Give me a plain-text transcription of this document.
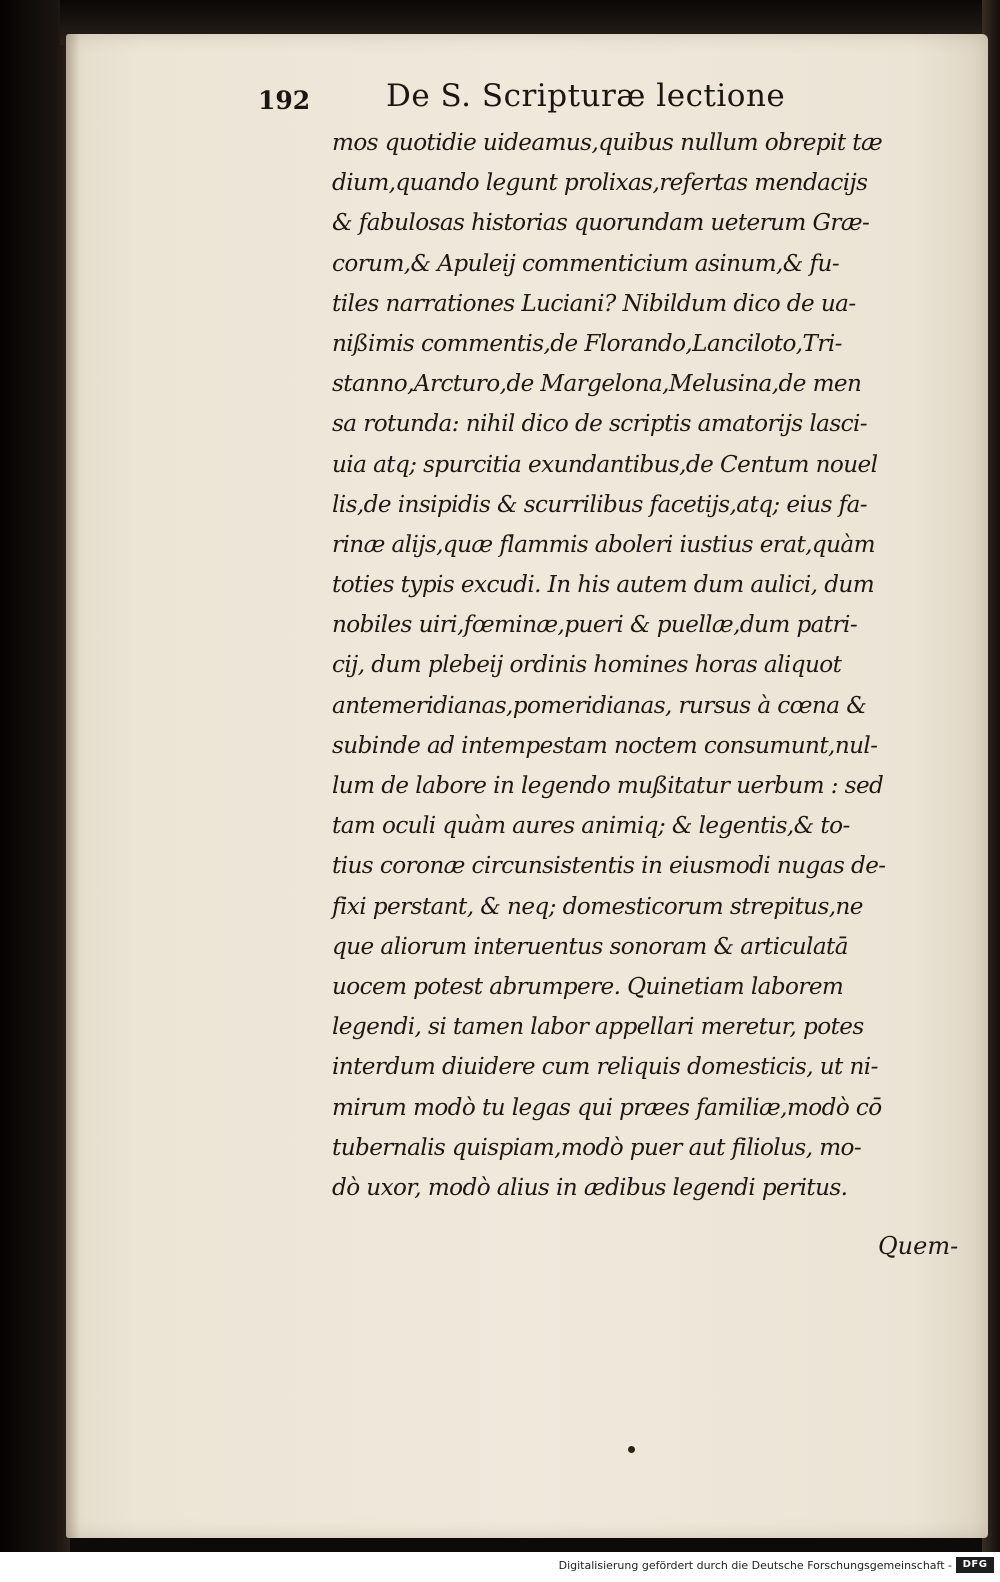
192 De S. Scripturæ lectione
mos quotidie uideamus,quibus nullum obrepit tæ
dium,quando legunt prolixas,refertas mendacijs
& fabulosas historias quorundam ueterum Græ-
corum,& Apuleij commenticium asinum,& fu-
tiles narrationes Luciani? Nibildum dico de ua-
nißimis commentis,de Florando,Lanciloto,Tri-
stanno,Arcturo,de Margelona,Melusina,de men
sa rotunda: nihil dico de scriptis amatorijs lasci-
uia atq; spurcitia exundantibus,de Centum nouel
lis,de insipidis & scurrilibus facetijs,atq; eius fa-
rinæ alijs,quæ flammis aboleri iustius erat,quàm
toties typis excudi. In his autem dum aulici, dum
nobiles uiri,fœminæ,pueri & puellæ,dum patri-
cij, dum plebeij ordinis homines horas aliquot
antemeridianas,pomeridianas, rursus à cœna &
subinde ad intempestam noctem consumunt,nul-
lum de labore in legendo mußitatur uerbum : sed
tam oculi quàm aures animiq; & legentis,& to-
tius coronæ circunsistentis in eiusmodi nugas de-
fixi perstant, & neq; domesticorum strepitus,ne
que aliorum interuentus sonoram & articulatā
uocem potest abrumpere. Quinetiam laborem
legendi, si tamen labor appellari meretur, potes
interdum diuidere cum reliquis domesticis, ut ni-
mirum modò tu legas qui præes familiæ,modò cō
tubernalis quispiam,modò puer aut filiolus, mo-
dò uxor, modò alius in ædibus legendi peritus.
Quem-
Digitalisierung gefördert durch die Deutsche Forschungsgemeinschaft -	DFG
